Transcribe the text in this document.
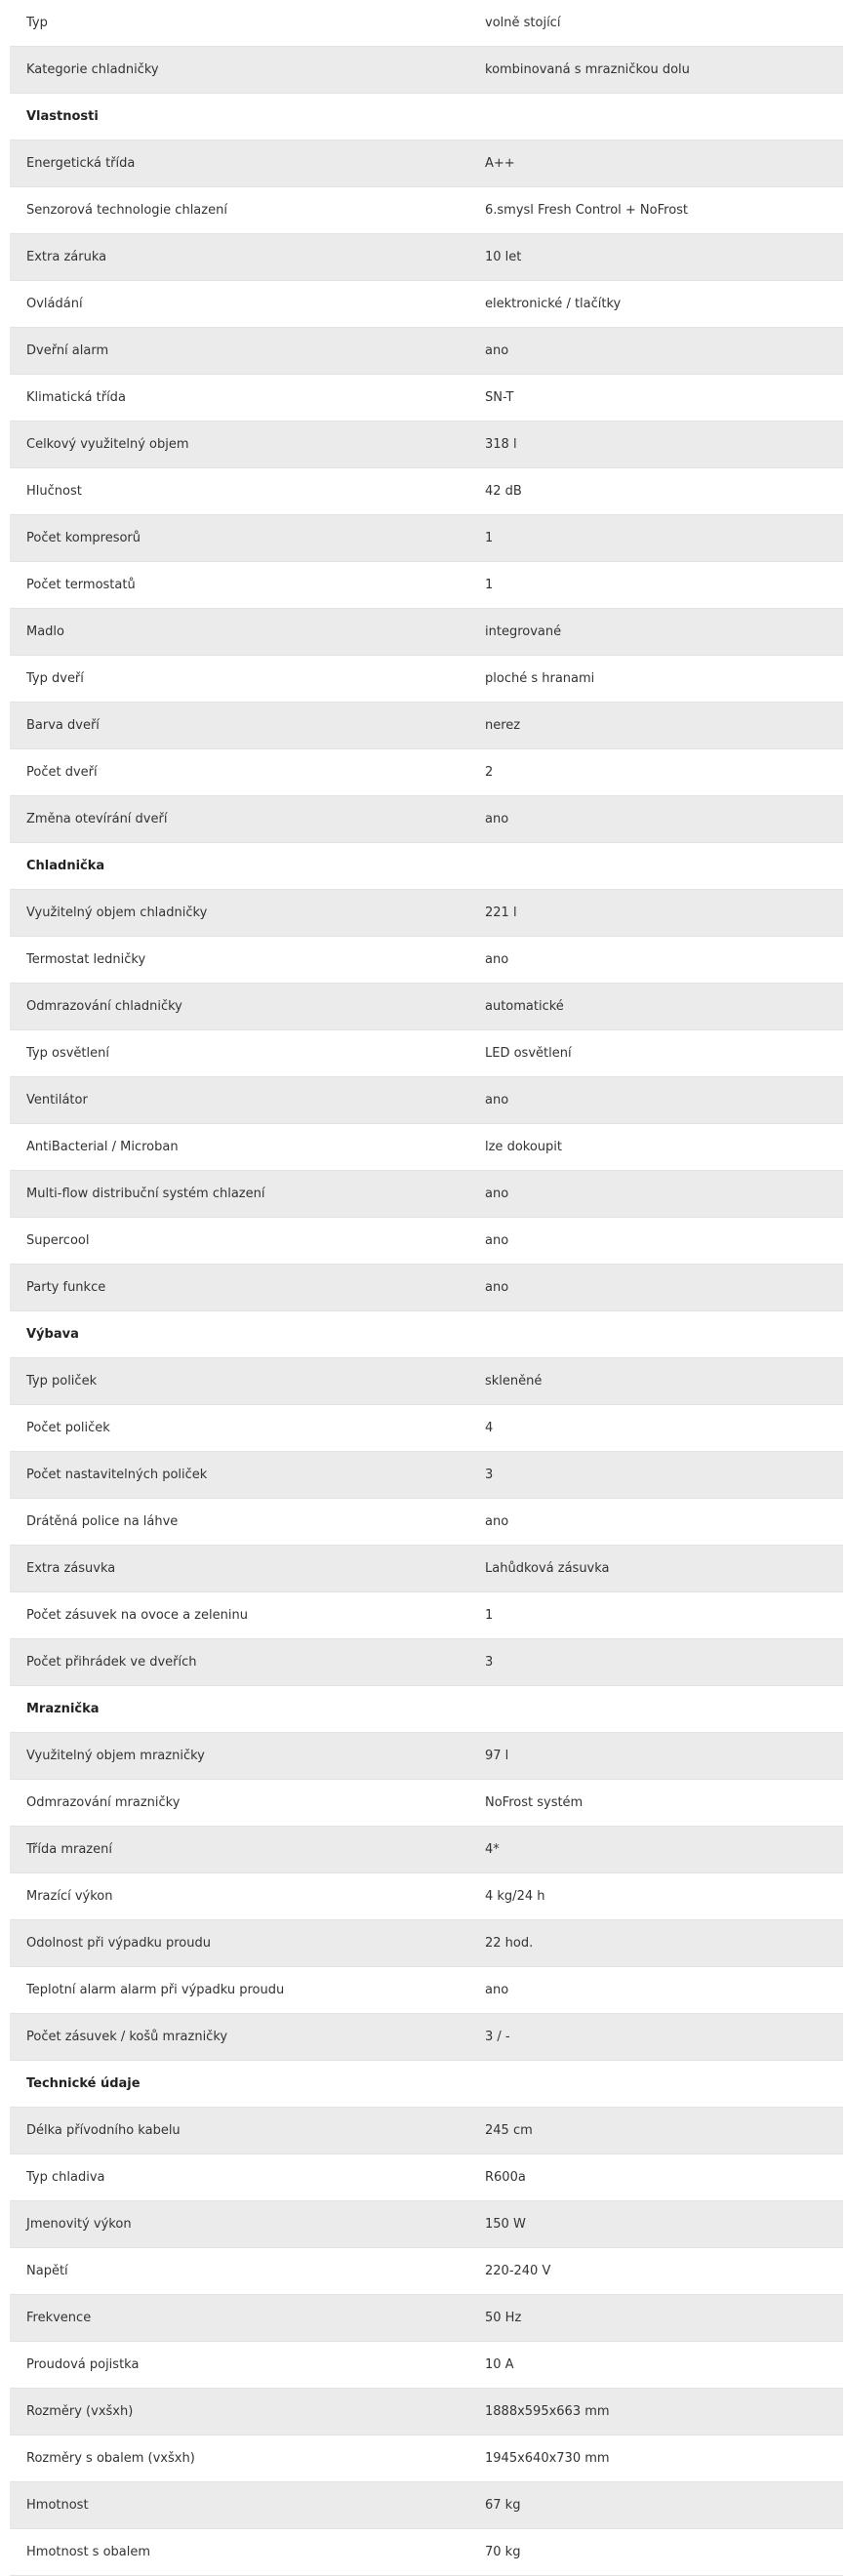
Typ	volně stojící
Kategorie chladničky	kombinovaná s mrazničkou dolu
Vlastnosti	
Energetická třída	A++
Senzorová technologie chlazení	6.smysl Fresh Control + NoFrost
Extra záruka	10 let
Ovládání	elektronické / tlačítky
Dveřní alarm	ano
Klimatická třída	SN-T
Celkový využitelný objem	318 l
Hlučnost	42 dB
Počet kompresorů	1
Počet termostatů	1
Madlo	integrované
Typ dveří	ploché s hranami
Barva dveří	nerez
Počet dveří	2
Změna otevírání dveří	ano
Chladnička	
Využitelný objem chladničky	221 l
Termostat ledničky	ano
Odmrazování chladničky	automatické
Typ osvětlení	LED osvětlení
Ventilátor	ano
AntiBacterial / Microban	lze dokoupit
Multi-flow distribuční systém chlazení	ano
Supercool	ano
Party funkce	ano
Výbava	
Typ poliček	skleněné
Počet poliček	4
Počet nastavitelných poliček	3
Drátěná police na láhve	ano
Extra zásuvka	Lahůdková zásuvka
Počet zásuvek na ovoce a zeleninu	1
Počet přihrádek ve dveřích	3
Mraznička	
Využitelný objem mrazničky	97 l
Odmrazování mrazničky	NoFrost systém
Třída mrazení	4*
Mrazící výkon	4 kg/24 h
Odolnost při výpadku proudu	22 hod.
Teplotní alarm alarm při výpadku proudu	ano
Počet zásuvek / košů mrazničky	3 / -
Technické údaje	
Délka přívodního kabelu	245 cm
Typ chladiva	R600a
Jmenovitý výkon	150 W
Napětí	220-240 V
Frekvence	50 Hz
Proudová pojistka	10 A
Rozměry (vxšxh)	1888x595x663 mm
Rozměry s obalem (vxšxh)	1945x640x730 mm
Hmotnost	67 kg
Hmotnost s obalem	70 kg
